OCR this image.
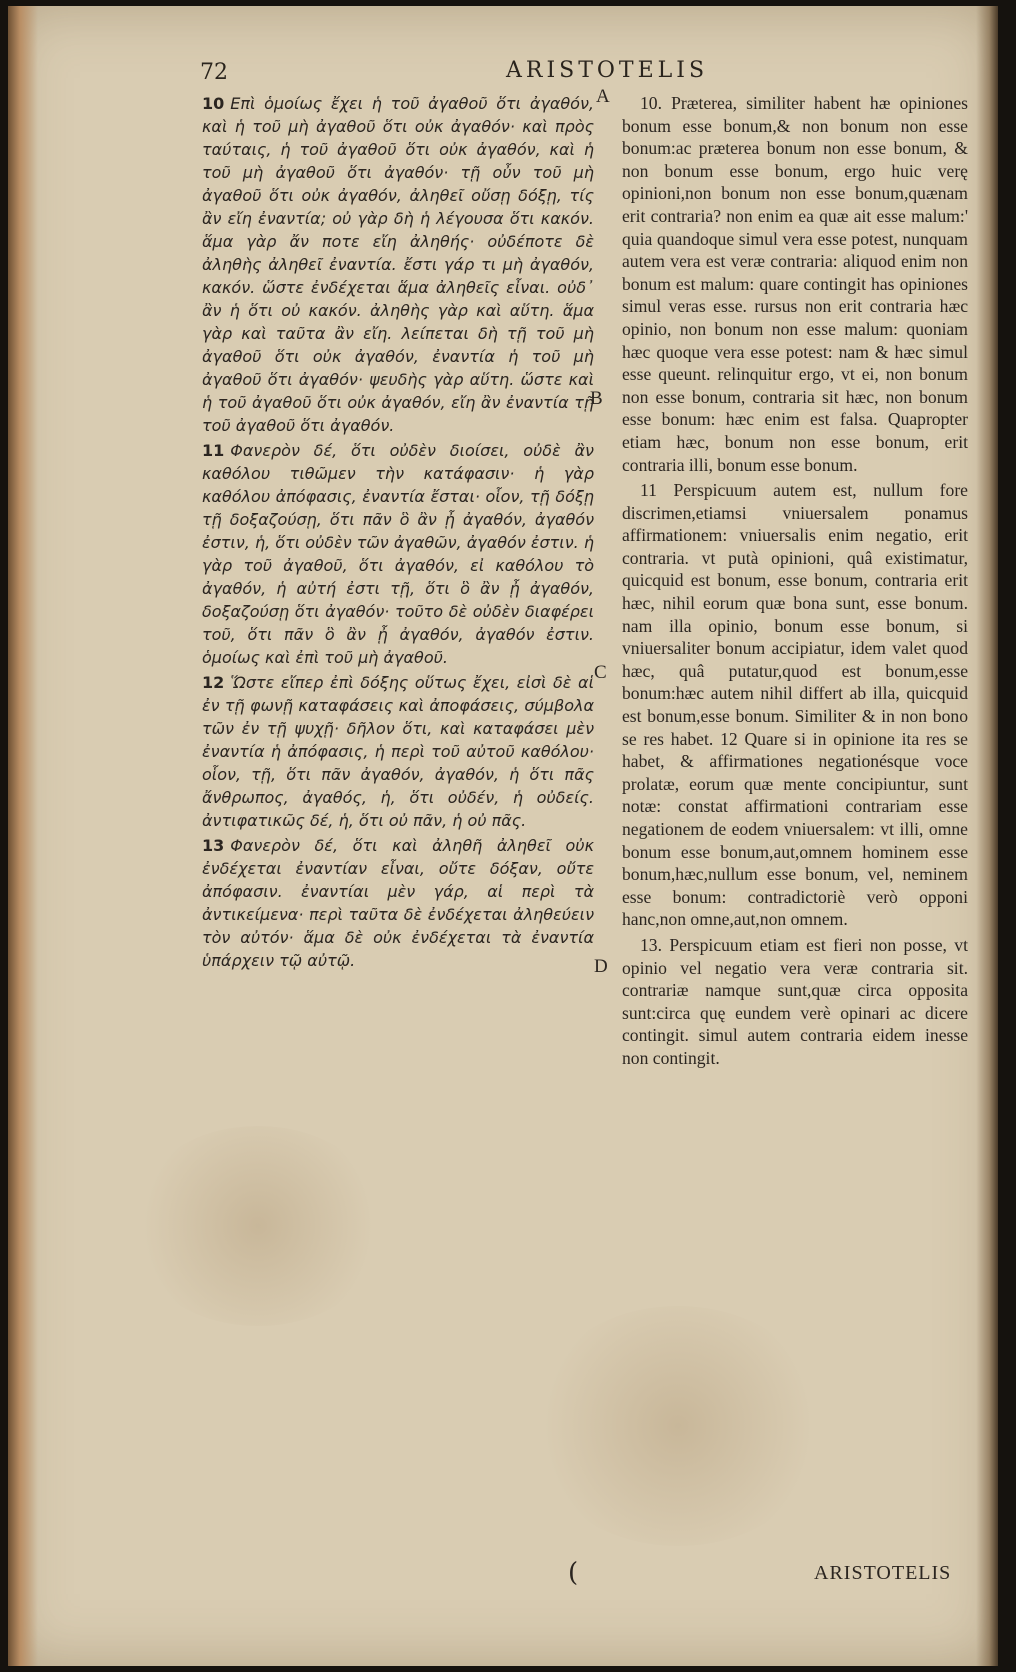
72	ARISTOTELIS
A
B
C
D

10 Επὶ ὁμοίως ἔχει ἡ τοῦ ἀγαθοῦ ὅτι ἀγαθόν, καὶ ἡ τοῦ μὴ ἀγαθοῦ ὅτι οὐκ ἀγαθόν· καὶ πρὸς ταύταις, ἡ τοῦ ἀγαθοῦ ὅτι οὐκ ἀγαθόν, καὶ ἡ τοῦ μὴ ἀγαθοῦ ὅτι ἀγαθόν· τῇ οὖν τοῦ μὴ ἀγαθοῦ ὅτι οὐκ ἀγαθόν, ἀληθεῖ οὔσῃ δόξῃ, τίς ἂν εἴη ἐναντία; οὐ γὰρ δὴ ἡ λέγουσα ὅτι κακόν. ἅμα γὰρ ἄν ποτε εἴη ἀληθής· οὐδέποτε δὲ ἀληθὴς ἀληθεῖ ἐναντία. ἔστι γάρ τι μὴ ἀγαθόν, κακόν. ὥστε ἐνδέχεται ἅμα ἀληθεῖς εἶναι. οὐδ᾽ ἂν ἡ ὅτι οὐ κακόν. ἀληθὴς γὰρ καὶ αὕτη. ἅμα γὰρ καὶ ταῦτα ἂν εἴη. λείπεται δὴ τῇ τοῦ μὴ ἀγαθοῦ ὅτι οὐκ ἀγαθόν, ἐναντία ἡ τοῦ μὴ ἀγαθοῦ ὅτι ἀγαθόν· ψευδὴς γὰρ αὕτη. ὥστε καὶ ἡ τοῦ ἀγαθοῦ ὅτι οὐκ ἀγαθόν, εἴη ἂν ἐναντία τῇ τοῦ ἀγαθοῦ ὅτι ἀγαθόν.

11 Φανερὸν δέ, ὅτι οὐδὲν διοίσει, οὐδὲ ἂν καθόλου τιθῶμεν τὴν κατάφασιν· ἡ γὰρ καθόλου ἀπόφασις, ἐναντία ἔσται· οἷον, τῇ δόξῃ τῇ δοξαζούσῃ, ὅτι πᾶν ὃ ἂν ᾖ ἀγαθόν, ἀγαθόν ἐστιν, ἡ, ὅτι οὐδὲν τῶν ἀγαθῶν, ἀγαθόν ἐστιν. ἡ γὰρ τοῦ ἀγαθοῦ, ὅτι ἀγαθόν, εἰ καθόλου τὸ ἀγαθόν, ἡ αὐτή ἐστι τῇ, ὅτι ὃ ἂν ᾖ ἀγαθόν, δοξαζούσῃ ὅτι ἀγαθόν· τοῦτο δὲ οὐδὲν διαφέρει τοῦ, ὅτι πᾶν ὃ ἂν ᾖ ἀγαθόν, ἀγαθόν ἐστιν. ὁμοίως καὶ ἐπὶ τοῦ μὴ ἀγαθοῦ.

12 Ὥστε εἴπερ ἐπὶ δόξης οὕτως ἔχει, εἰσὶ δὲ αἱ ἐν τῇ φωνῇ καταφάσεις καὶ ἀποφάσεις, σύμβολα τῶν ἐν τῇ ψυχῇ· δῆλον ὅτι, καὶ καταφάσει μὲν ἐναντία ἡ ἀπόφασις, ἡ περὶ τοῦ αὐτοῦ καθόλου· οἷον, τῇ, ὅτι πᾶν ἀγαθόν, ἀγαθόν, ἡ ὅτι πᾶς ἄνθρωπος, ἀγαθός, ἡ, ὅτι οὐδέν, ἡ οὐδείς. ἀντιφατικῶς δέ, ἡ, ὅτι οὐ πᾶν, ἡ οὐ πᾶς.

13 Φανερὸν δέ, ὅτι καὶ ἀληθῆ ἀληθεῖ οὐκ ἐνδέχεται ἐναντίαν εἶναι, οὔτε δόξαν, οὔτε ἀπόφασιν. ἐναντίαι μὲν γάρ, αἱ περὶ τὰ ἀντικείμενα· περὶ ταῦτα δὲ ἐνδέχεται ἀληθεύειν τὸν αὐτόν· ἅμα δὲ οὐκ ἐνδέχεται τὰ ἐναντία ὑπάρχειν τῷ αὐτῷ.

10. Præterea, similiter habent hæ opiniones bonum esse bonum,& non bonum non esse bonum:ac præterea bonum non esse bonum, & non bonum esse bonum, ergo huic verę opinioni,non bonum non esse bonum,quænam erit contraria? non enim ea quæ ait esse malum:' quia quandoque simul vera esse potest, nunquam autem vera est veræ contraria: aliquod enim non bonum est malum: quare contingit has opiniones simul veras esse. rursus non erit contraria hæc opinio, non bonum non esse malum: quoniam hæc quoque vera esse potest: nam & hæc simul esse queunt. relinquitur ergo, vt ei, non bonum non esse bonum, contraria sit hæc, non bonum esse bonum: hæc enim est falsa. Quapropter etiam hæc, bonum non esse bonum, erit contraria illi, bonum esse bonum.

11 Perspicuum autem est, nullum fore discrimen,etiamsi vniuersalem ponamus affirmationem: vniuersalis enim negatio, erit contraria. vt putà opinioni, quâ existimatur, quicquid est bonum, esse bonum, contraria erit hæc, nihil eorum quæ bona sunt, esse bonum. nam illa opinio, bonum esse bonum, si vniuersaliter bonum accipiatur, idem valet quod hæc, quâ putatur,quod est bonum,esse bonum:hæc autem nihil differt ab illa, quicquid est bonum,esse bonum. Similiter & in non bono se res habet. 12 Quare si in opinione ita res se habet, & affirmationes negationésque voce prolatæ, eorum quæ mente concipiuntur, sunt notæ: constat affirmationi contrariam esse negationem de eodem vniuersalem: vt illi, omne bonum esse bonum,aut,omnem hominem esse bonum,hæc,nullum esse bonum, vel, neminem esse bonum: contradictoriè verò opponi hanc,non omne,aut,non omnem.

13. Perspicuum etiam est fieri non posse, vt opinio vel negatio vera veræ contraria sit. contrariæ namque sunt,quæ circa opposita sunt:circa quę eundem verè opinari ac dicere contingit. simul autem contraria eidem inesse non contingit.

(	ARISTOTELIS
